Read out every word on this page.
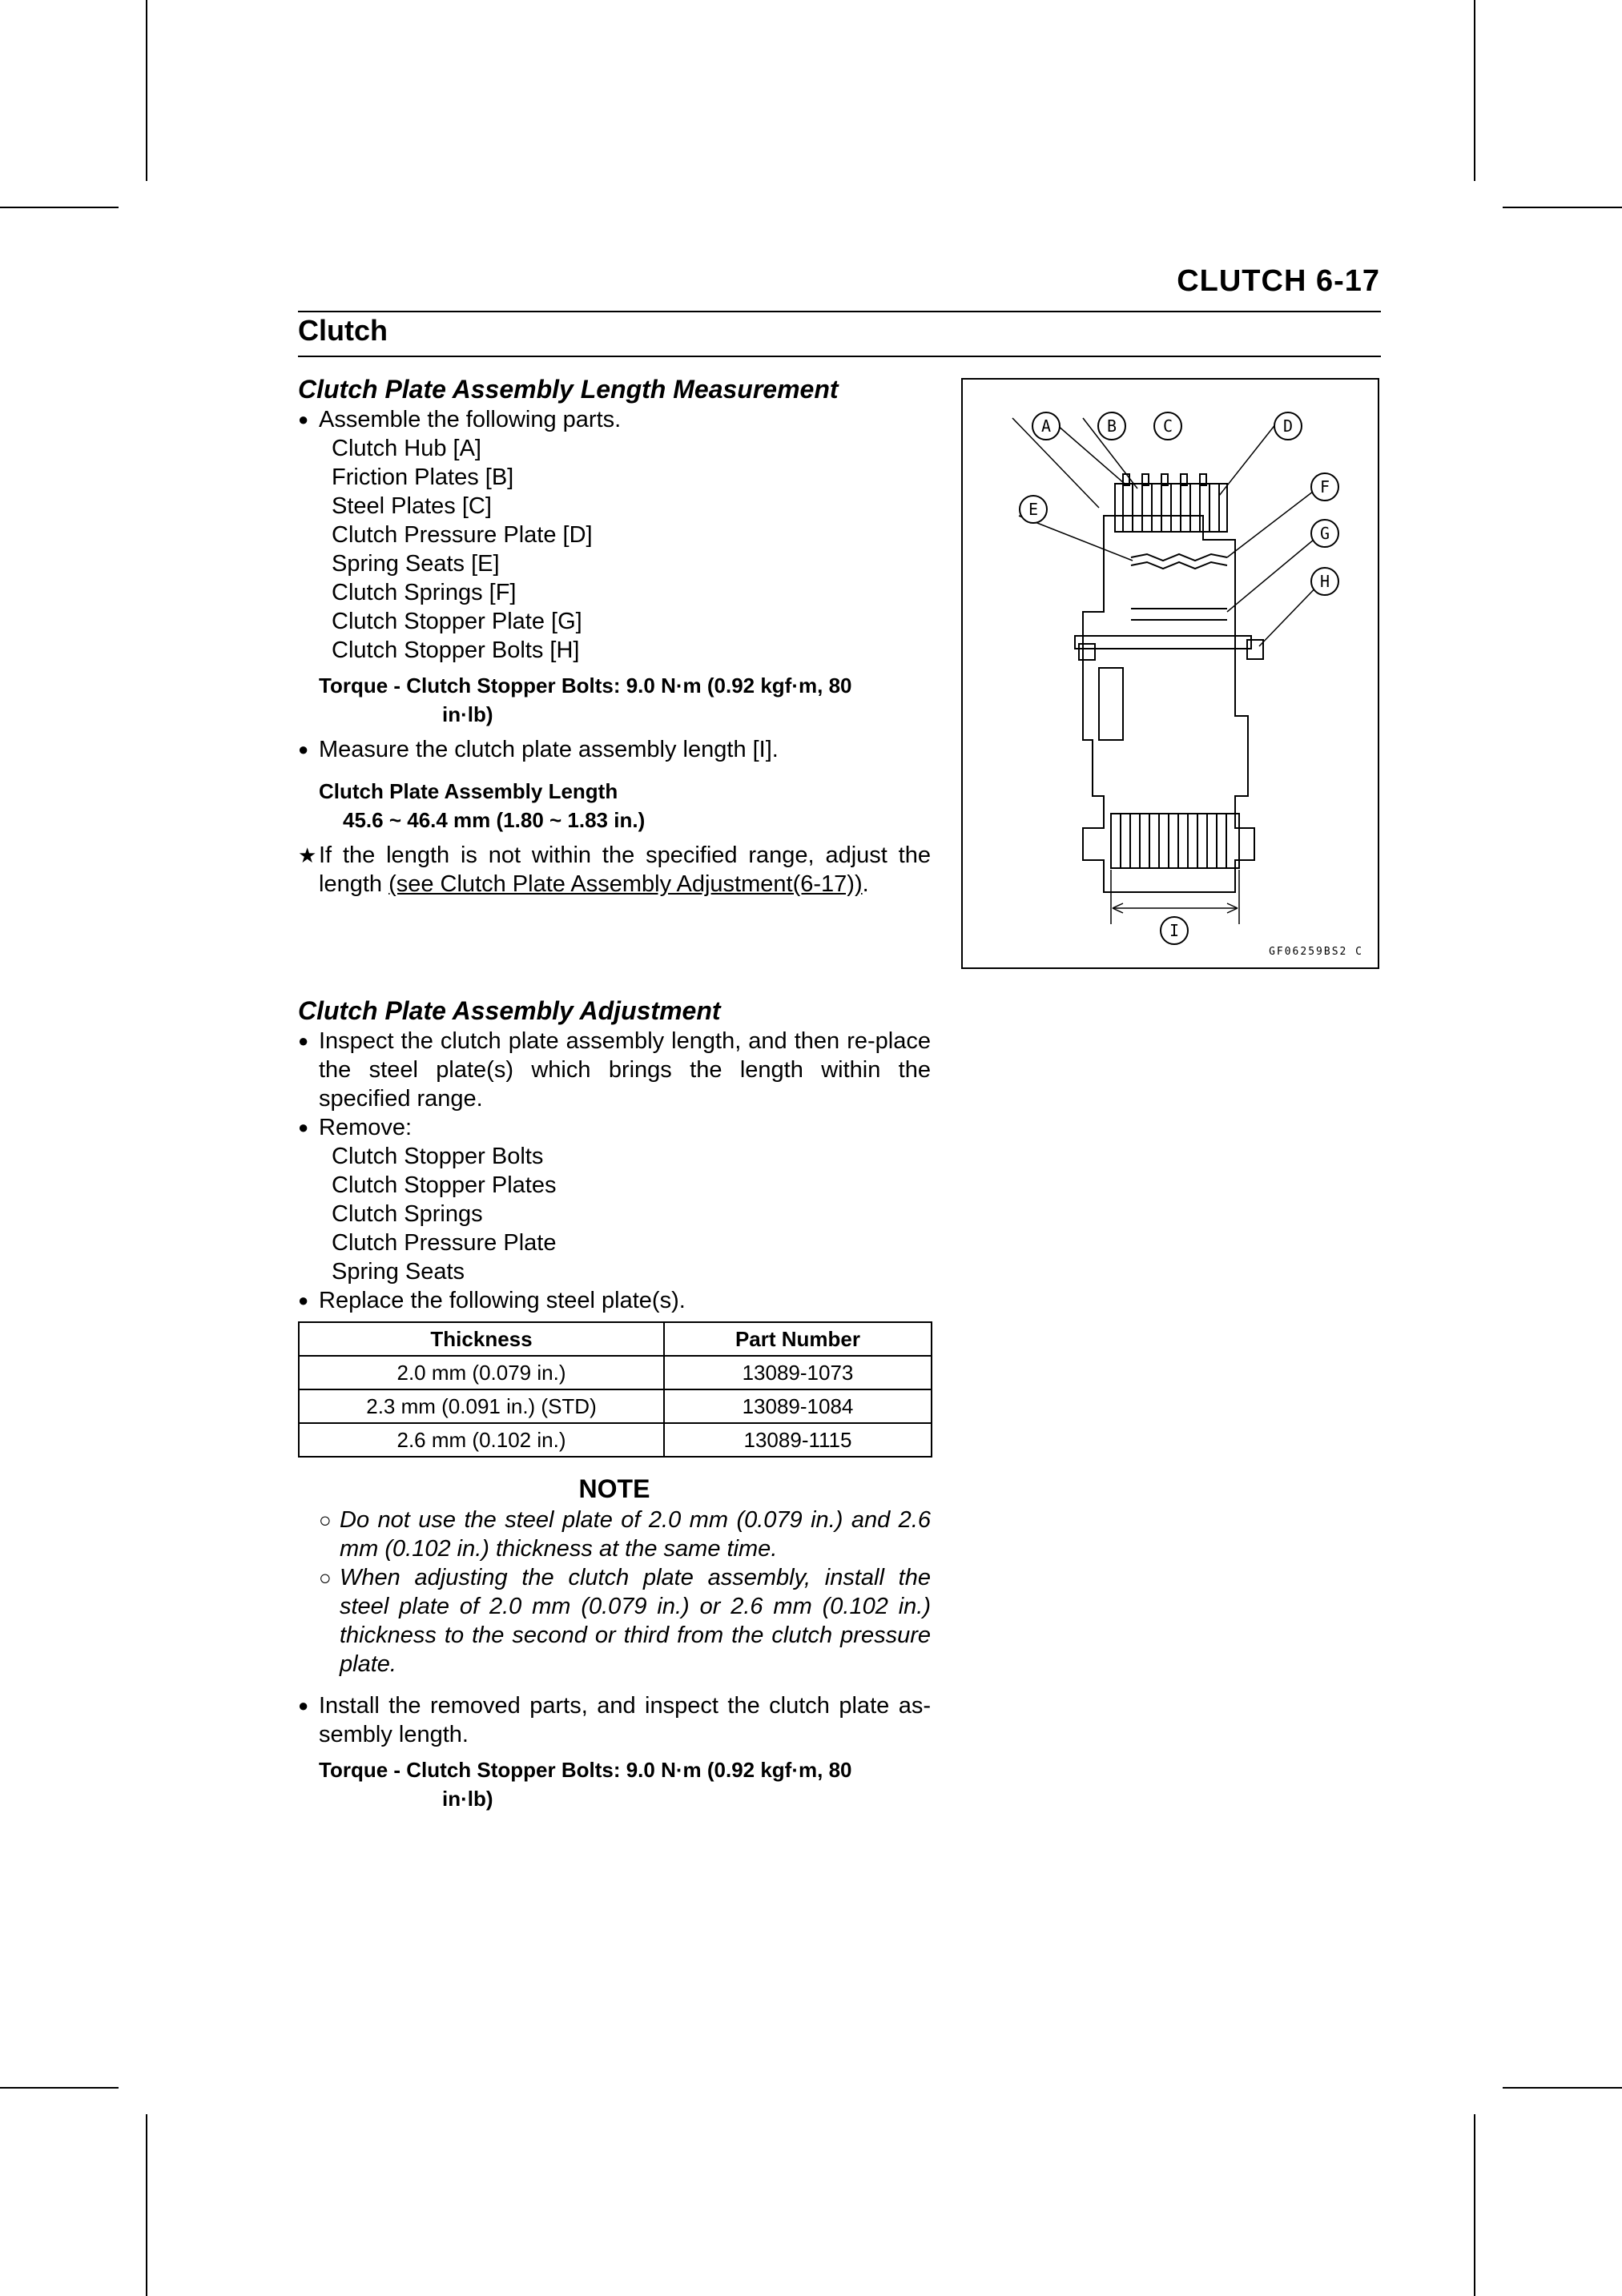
CLUTCH 6-17
Clutch
Clutch Plate Assembly Length Measurement
● Assemble the following parts.
Clutch Hub [A]
Friction Plates [B]
Steel Plates [C]
Clutch Pressure Plate [D]
Spring Seats [E]
Clutch Springs [F]
Clutch Stopper Plate [G]
Clutch Stopper Bolts [H]
Torque - Clutch Stopper Bolts: 9.0 N·m (0.92 kgf·m, 80
in·lb)
● Measure the clutch plate assembly length [I].
Clutch Plate Assembly Length
45.6 ~ 46.4 mm (1.80 ~ 1.83 in.)
★ If the length is not within the specified range, adjust the length (see Clutch Plate Assembly Adjustment(6-17)).
A	B	C	D
E
F
G
H
I
GF06259BS2 C
Clutch Plate Assembly Adjustment
● Inspect the clutch plate assembly length, and then re-place the steel plate(s) which brings the length within the specified range.
● Remove:
Clutch Stopper Bolts
Clutch Stopper Plates
Clutch Springs
Clutch Pressure Plate
Spring Seats
● Replace the following steel plate(s).
Thickness	Part Number
2.0 mm (0.079 in.)	13089-1073
2.3 mm (0.091 in.) (STD)	13089-1084
2.6 mm (0.102 in.)	13089-1115
NOTE
○ Do not use the steel plate of 2.0 mm (0.079 in.) and 2.6 mm (0.102 in.) thickness at the same time.
○ When adjusting the clutch plate assembly, install the steel plate of 2.0 mm (0.079 in.) or 2.6 mm (0.102 in.) thickness to the second or third from the clutch pressure plate.
● Install the removed parts, and inspect the clutch plate as-sembly length.
Torque - Clutch Stopper Bolts: 9.0 N·m (0.92 kgf·m, 80
in·lb)
